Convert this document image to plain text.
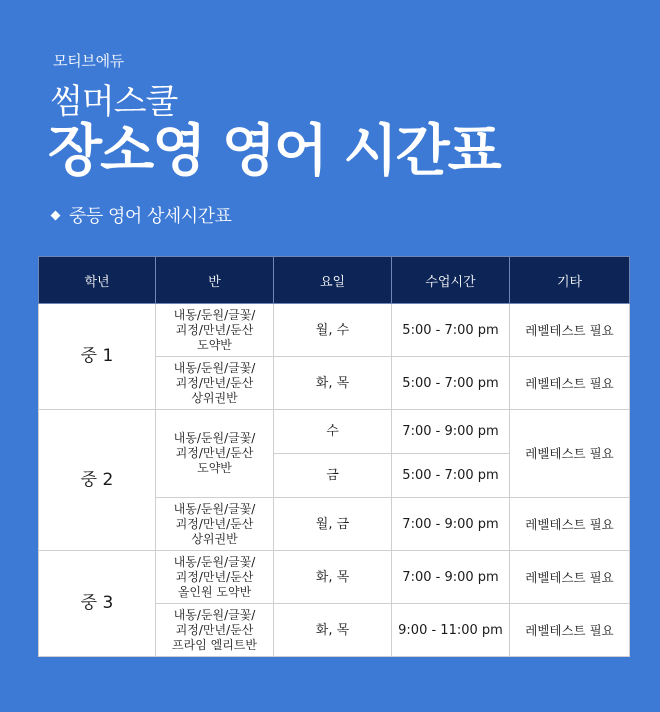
모티브에듀
썸머스쿨
장소영 영어 시간표
중등 영어 상세시간표
학년	반	요일	수업시간	기타
중 1	내동/둔원/글꽃/
괴정/만년/둔산
도약반	월, 수	5:00 - 7:00 pm	레벨테스트 필요

	내동/둔원/글꽃/
괴정/만년/둔산
상위권반	화, 목	5:00 - 7:00 pm	레벨테스트 필요
중 2	내동/둔원/글꽃/
괴정/만년/둔산
도약반	수	7:00 - 9:00 pm	레벨테스트 필요
		금	5:00 - 7:00 pm	

	내동/둔원/글꽃/
괴정/만년/둔산
상위권반	월, 금	7:00 - 9:00 pm	레벨테스트 필요
중 3	내동/둔원/글꽃/
괴정/만년/둔산
올인원 도약반	화, 목	7:00 - 9:00 pm	레벨테스트 필요

	내동/둔원/글꽃/
괴정/만년/둔산
프라임 엘리트반	화, 목	9:00 - 11:00 pm	레벨테스트 필요
